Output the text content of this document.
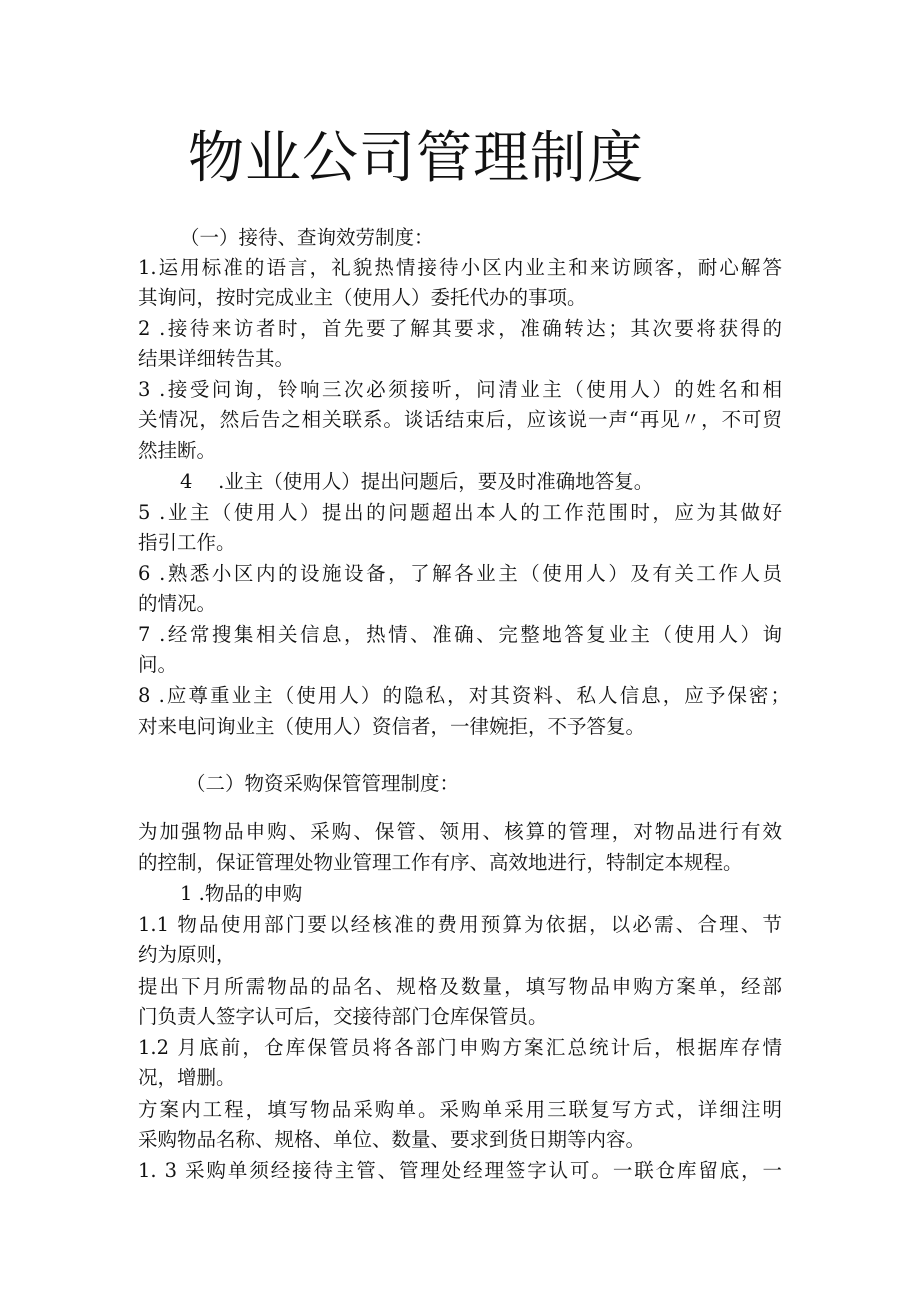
物业公司管理制度
（一）接待、查询效劳制度：
1.运用标准的语言，礼貌热情接待小区内业主和来访顾客，耐心解答
其询问，按时完成业主（使用人）委托代办的事项。
2 .接待来访者时，首先要了解其要求，准确转达；其次要将获得的
结果详细转告其。
3 .接受问询，铃响三次必须接听，问清业主（使用人）的姓名和相
关情况，然后告之相关联系。谈话结束后，应该说一声“再见〃，不可贸
然挂断。
4　 .业主（使用人）提出问题后，要及时准确地答复。
5 .业主（使用人）提出的问题超出本人的工作范围时，应为其做好
指引工作。
6 .熟悉小区内的设施设备，了解各业主（使用人）及有关工作人员
的情况。
7 .经常搜集相关信息，热情、准确、完整地答复业主（使用人）询
问。
8 .应尊重业主（使用人）的隐私，对其资料、私人信息，应予保密；
对来电问询业主（使用人）资信者，一律婉拒，不予答复。
（二）物资采购保管管理制度：
为加强物品申购、采购、保管、领用、核算的管理，对物品进行有效
的控制，保证管理处物业管理工作有序、高效地进行，特制定本规程。
1 .物品的申购
1.1 物品使用部门要以经核准的费用预算为依据，以必需、合理、节
约为原则，
提出下月所需物品的品名、规格及数量，填写物品申购方案单，经部
门负责人签字认可后，交接待部门仓库保管员。
1.2 月底前，仓库保管员将各部门申购方案汇总统计后，根据库存情
况，增删。
方案内工程，填写物品采购单。采购单采用三联复写方式，详细注明
采购物品名称、规格、单位、数量、要求到货日期等内容。
1. 3 采购单须经接待主管、管理处经理签字认可。一联仓库留底，一
